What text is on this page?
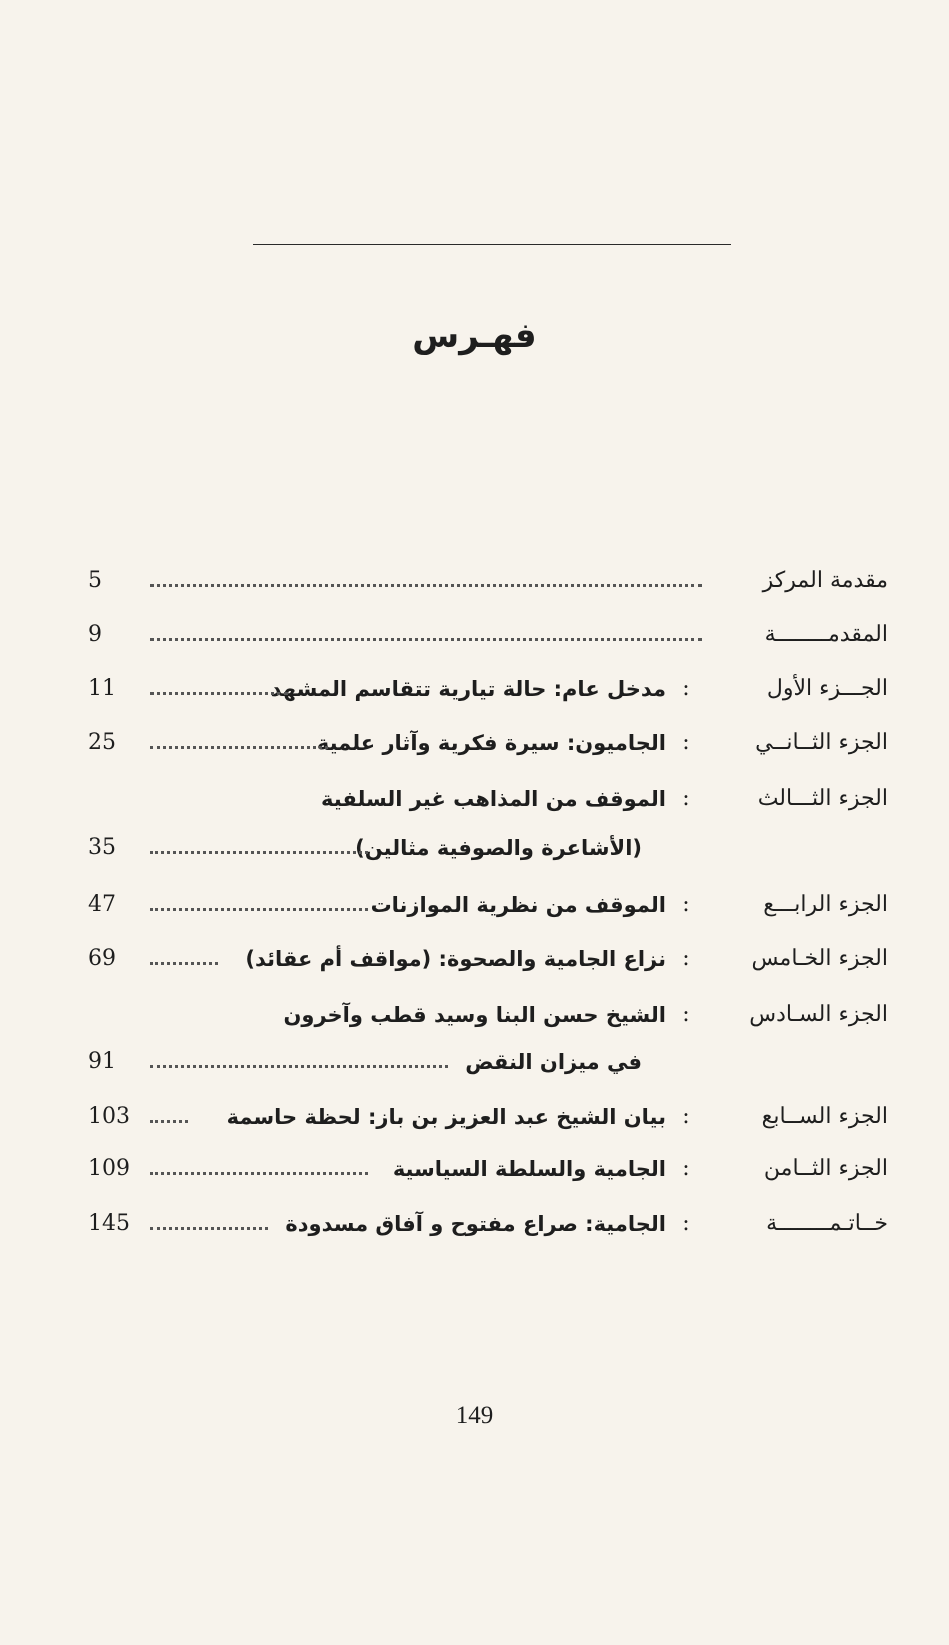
فهـرس
مقدمة المركز
5
المقدمــــــــة
9
الجـــزء الأول
:
مدخل عام: حالة تيارية تتقاسم المشهد
11
الجزء الثــانــي
:
الجاميون: سيرة فكرية وآثار علمية
25
الجزء الثـــالث
:
الموقف من المذاهب غير السلفية
(الأشاعرة والصوفية مثالين)
35
الجزء الرابـــع
:
الموقف من نظرية الموازنات
47
الجزء الخـامس
:
نزاع الجامية والصحوة: (مواقف أم عقائد)
69
الجزء السـادس
:
الشيخ حسن البنا وسيد قطب وآخرون
في ميزان النقض
91
الجزء الســابع
:
بيان الشيخ عبد العزيز بن باز: لحظة حاسمة
103
الجزء الثــامن
:
الجامية والسلطة السياسية
109
خــاتـمــــــــة
:
الجامية: صراع مفتوح و آفاق مسدودة
145
149
